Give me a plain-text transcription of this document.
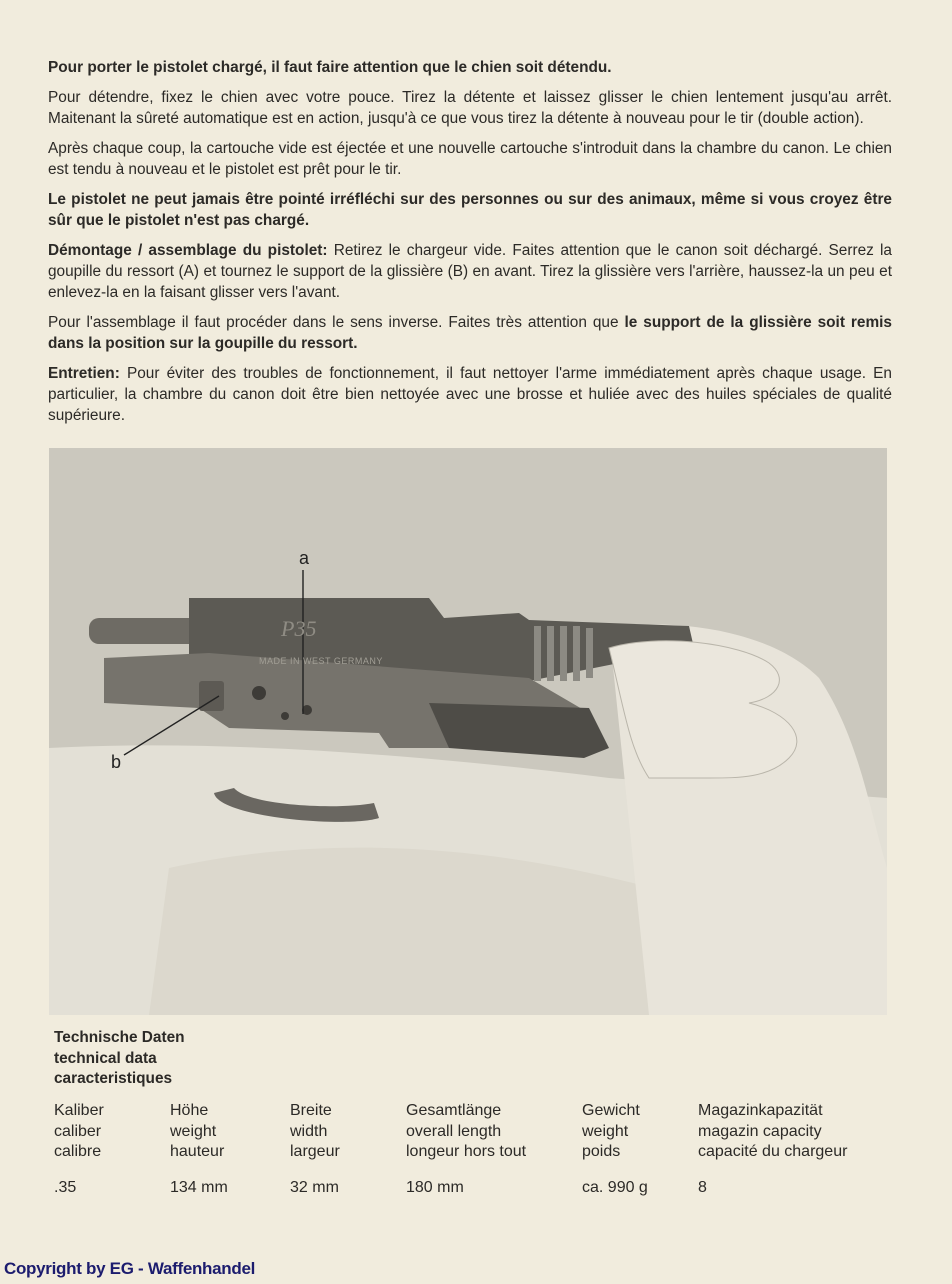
Pour porter le pistolet chargé, il faut faire attention que le chien soit détendu.

Pour détendre, fixez le chien avec votre pouce. Tirez la détente et laissez glisser le chien lentement jusqu'au arrêt. Maitenant la sûreté automatique est en action, jusqu'à ce que vous tirez la détente à nouveau pour le tir (double action).

Après chaque coup, la cartouche vide est éjectée et une nouvelle cartouche s'introduit dans la chambre du canon. Le chien est tendu à nouveau et le pistolet est prêt pour le tir.

Le pistolet ne peut jamais être pointé irréfléchi sur des personnes ou sur des animaux, même si vous croyez être sûr que le pistolet n'est pas chargé.

Démontage / assemblage du pistolet: Retirez le chargeur vide. Faites attention que le canon soit déchargé. Serrez la goupille du ressort (A) et tournez le support de la glissière (B) en avant. Tirez la glissière vers l'arrière, haussez-la un peu et enlevez-la en la faisant glisser vers l'avant.

Pour l'assemblage il faut procéder dans le sens inverse. Faites très attention que le support de la glissière soit remis dans la position sur la goupille du ressort.

Entretien: Pour éviter des troubles de fonctionnement, il faut nettoyer l'arme immédiatement après chaque usage. En particulier, la chambre du canon doit être bien nettoyée avec une brosse et huliée avec des huiles spéciales de qualité supérieure.

a
b
P35
MADE IN WEST GERMANY
Technische Daten
technical data
caracteristiques
Kaliber
caliber
calibre
.35
Höhe
weight
hauteur
134 mm
Breite
width
largeur
32 mm
Gesamtlänge
overall length
longeur hors tout
180 mm
Gewicht
weight
poids
ca. 990 g
Magazinkapazität
magazin capacity
capacité du chargeur
8
Copyright by EG - Waffenhandel
